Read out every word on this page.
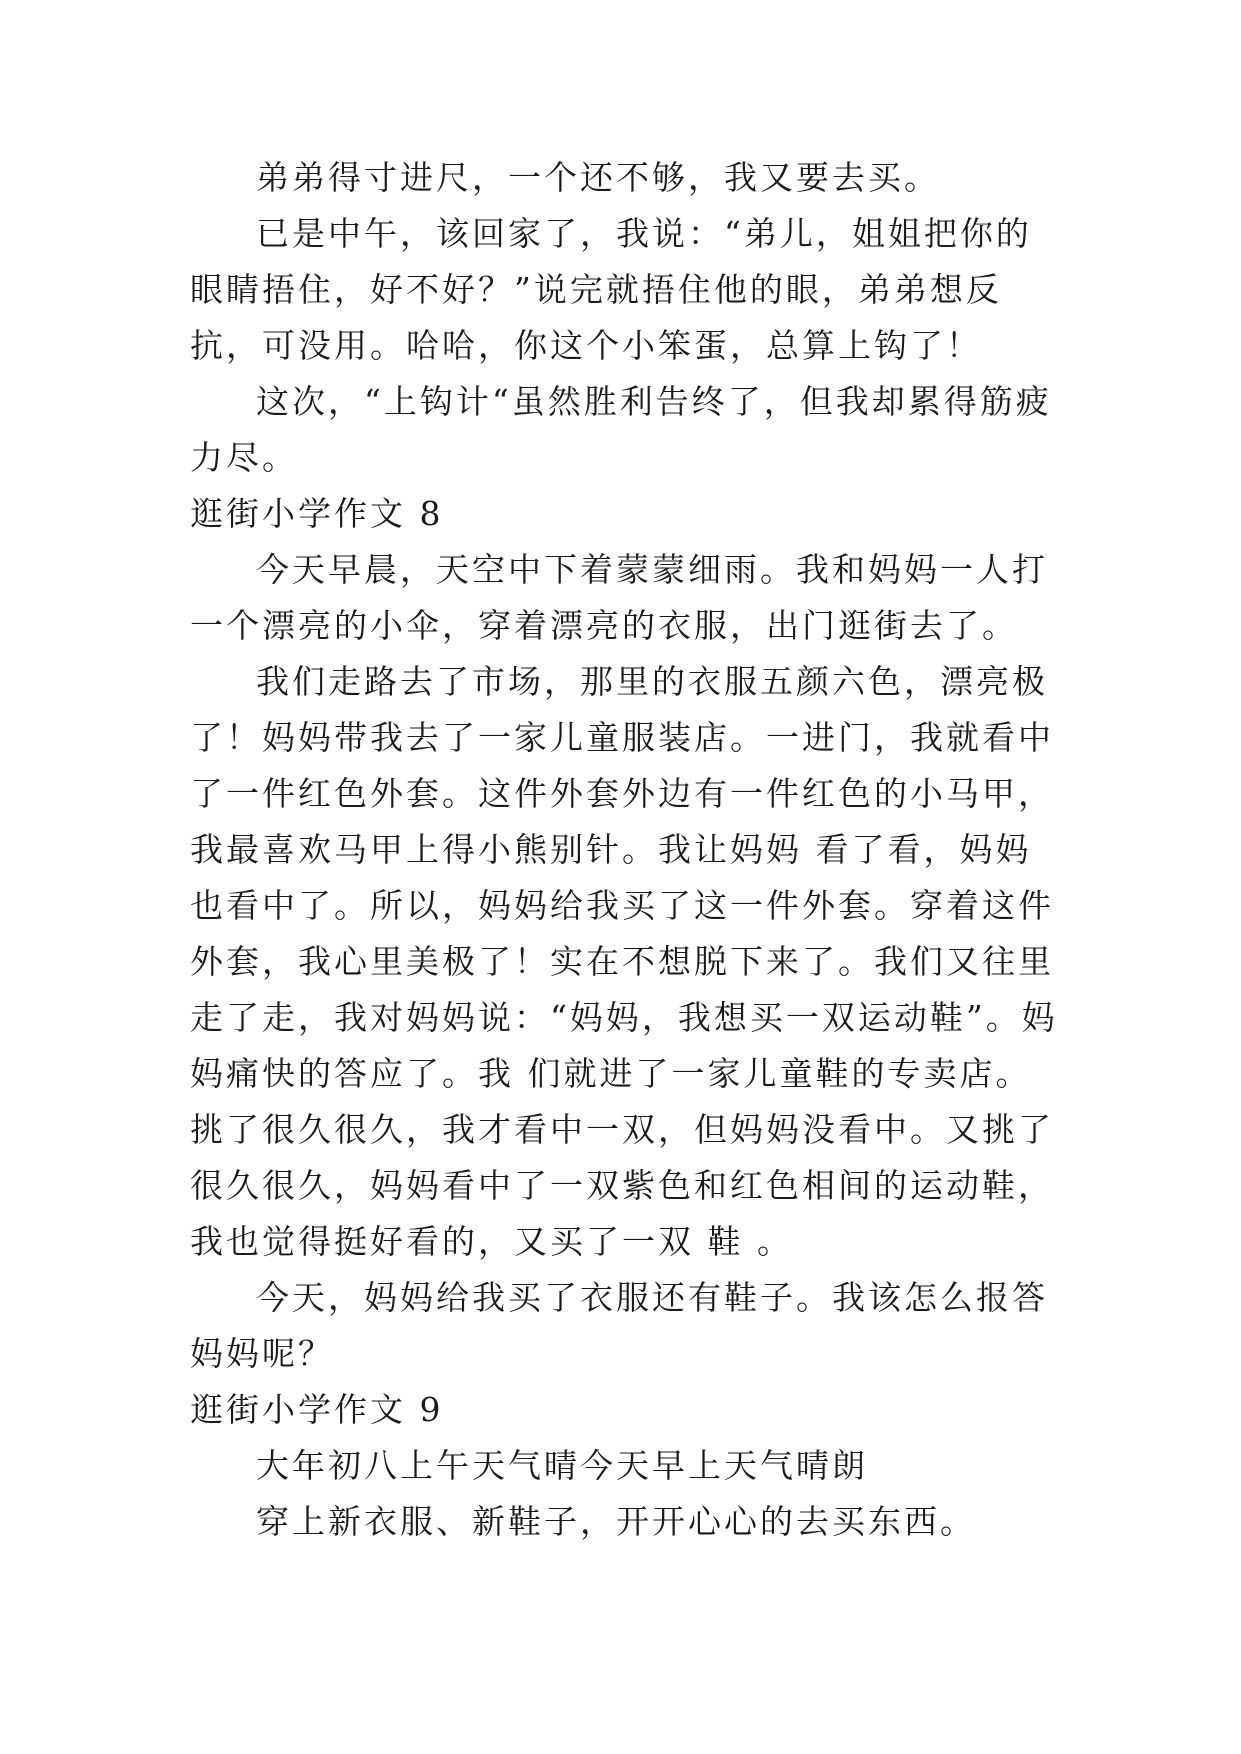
弟弟得寸进尺，一个还不够，我又要去买。

已是中午，该回家了，我说：“弟儿，姐姐把你的眼睛捂住，好不好？”说完就捂住他的眼，弟弟想反抗，可没用。哈哈，你这个小笨蛋，总算上钩了！

这次，“上钩计“虽然胜利告终了，但我却累得筋疲力尽。

逛街小学作文 8

今天早晨，天空中下着蒙蒙细雨。我和妈妈一人打一个漂亮的小伞，穿着漂亮的衣服，出门逛街去了。

我们走路去了市场，那里的衣服五颜六色，漂亮极了！妈妈带我去了一家儿童服装店。一进门，我就看中了一件红色外套。这件外套外边有一件红色的小马甲，我最喜欢马甲上得小熊别针。我让妈妈 看了看，妈妈也看中了。所以，妈妈给我买了这一件外套。穿着这件外套，我心里美极了！实在不想脱下来了。我们又往里走了走，我对妈妈说：“妈妈，我想买一双运动鞋”。妈妈痛快的答应了。我 们就进了一家儿童鞋的专卖店。挑了很久很久，我才看中一双，但妈妈没看中。又挑了很久很久，妈妈看中了一双紫色和红色相间的运动鞋，我也觉得挺好看的，又买了一双 鞋 。

今天，妈妈给我买了衣服还有鞋子。我该怎么报答妈妈呢？

逛街小学作文 9

大年初八上午天气晴今天早上天气晴朗

穿上新衣服、新鞋子，开开心心的去买东西。
